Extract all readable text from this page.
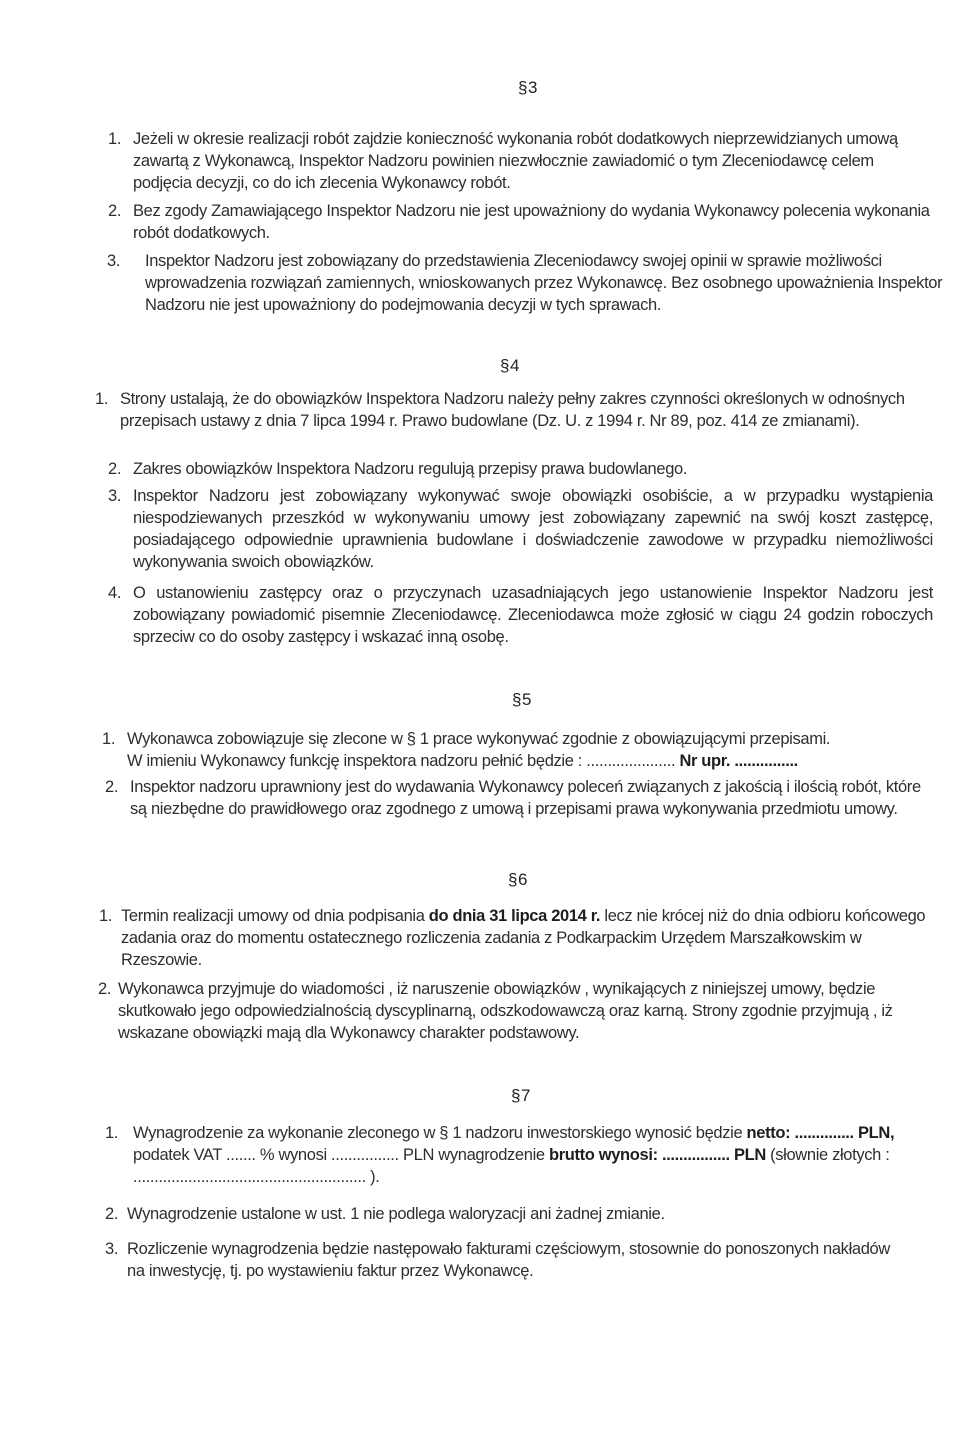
§3
1. Jeżeli w okresie realizacji robót zajdzie konieczność wykonania robót dodatkowych nieprzewidzianych umową zawartą z Wykonawcą, Inspektor Nadzoru powinien niezwłocznie zawiadomić o tym Zleceniodawcę celem podjęcia decyzji, co do ich zlecenia Wykonawcy robót.
2. Bez zgody Zamawiającego Inspektor Nadzoru nie jest upoważniony do wydania Wykonawcy polecenia wykonania robót dodatkowych.
3. Inspektor Nadzoru jest zobowiązany do przedstawienia Zleceniodawcy swojej opinii w sprawie możliwości wprowadzenia rozwiązań zamiennych, wnioskowanych przez Wykonawcę. Bez osobnego upoważnienia Inspektor Nadzoru nie jest upoważniony do podejmowania decyzji w tych sprawach.
§4
1. Strony ustalają, że do obowiązków Inspektora Nadzoru należy pełny zakres czynności określonych w odnośnych przepisach ustawy z dnia 7 lipca 1994 r. Prawo budowlane (Dz. U. z 1994 r. Nr 89, poz. 414 ze zmianami).
2. Zakres obowiązków Inspektora Nadzoru regulują przepisy prawa budowlanego.
3. Inspektor Nadzoru jest zobowiązany wykonywać swoje obowiązki osobiście, a w przypadku wystąpienia niespodziewanych przeszkód w wykonywaniu umowy jest zobowiązany zapewnić na swój koszt zastępcę, posiadającego odpowiednie uprawnienia budowlane i doświadczenie zawodowe w przypadku niemożliwości wykonywania swoich obowiązków.
4. O ustanowieniu zastępcy oraz o przyczynach uzasadniających jego ustanowienie Inspektor Nadzoru jest zobowiązany powiadomić pisemnie Zleceniodawcę. Zleceniodawca może zgłosić w ciągu 24 godzin roboczych sprzeciw co do osoby zastępcy i wskazać inną osobę.
§5
1. Wykonawca zobowiązuje się zlecone w § 1 prace wykonywać zgodnie z obowiązującymi przepisami.
W imieniu Wykonawcy funkcję inspektora nadzoru pełnić będzie : ..................... Nr upr. ...............
2. Inspektor nadzoru uprawniony jest do wydawania Wykonawcy poleceń związanych z jakością i ilością robót, które są niezbędne do prawidłowego oraz zgodnego z umową i przepisami prawa wykonywania przedmiotu umowy.
§6
1. Termin realizacji umowy od dnia podpisania do dnia 31 lipca 2014 r. lecz nie krócej niż do dnia odbioru końcowego zadania oraz do momentu ostatecznego rozliczenia zadania z Podkarpackim Urzędem Marszałkowskim w Rzeszowie.
2. Wykonawca przyjmuje do wiadomości , iż naruszenie obowiązków , wynikających z niniejszej umowy, będzie skutkowało jego odpowiedzialnością dyscyplinarną, odszkodowawczą oraz karną. Strony zgodnie przyjmują , iż wskazane obowiązki mają dla Wykonawcy charakter podstawowy.
§7
1. Wynagrodzenie za wykonanie zleconego w § 1 nadzoru inwestorskiego wynosić będzie netto: .............. PLN, podatek VAT ....... % wynosi ................ PLN wynagrodzenie brutto wynosi: ................ PLN (słownie złotych : ....................................................... ).
2. Wynagrodzenie ustalone w ust. 1 nie podlega waloryzacji ani żadnej zmianie.
3. Rozliczenie wynagrodzenia będzie następowało fakturami częściowym, stosownie do ponoszonych nakładów na inwestycję, tj. po wystawieniu faktur przez Wykonawcę.
